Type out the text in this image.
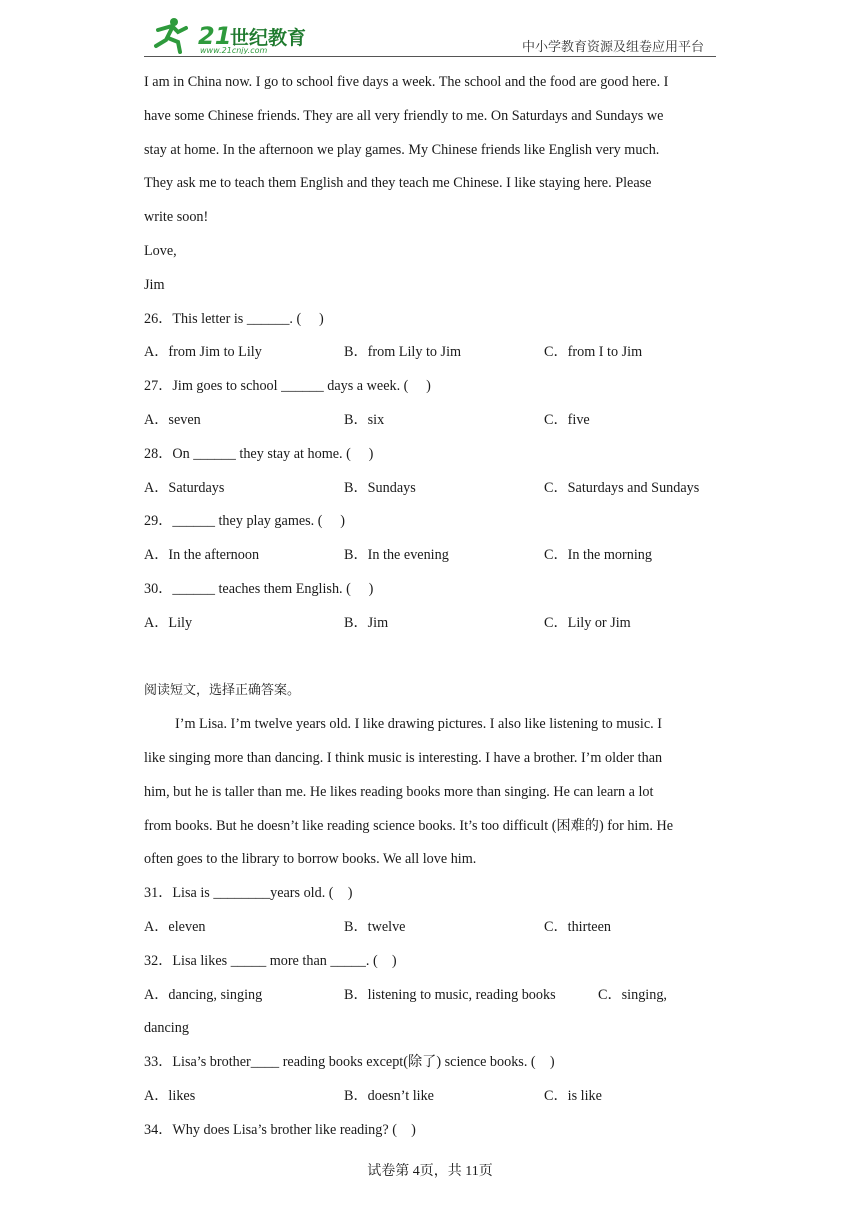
21
世纪教育
www.21cnjy.com	中小学教育资源及组卷应用平台
I am in China now. I go to school five days a week. The school and the food are good here. I
have some Chinese friends. They are all very friendly to me. On Saturdays and Sundays we
stay at home. In the afternoon we play games. My Chinese friends like English very much.
They ask me to teach them English and they teach me Chinese. I like staying here. Please
write soon!
Love,
Jim
26．This letter is ______. (　 )
A．from Jim to Lily	B．from Lily to Jim	C．from I to Jim
27．Jim goes to school ______ days a week. (　 )
A．seven	B．six	C．five
28．On ______ they stay at home. (　 )
A．Saturdays	B．Sundays	C．Saturdays and Sundays
29．______ they play games. (　 )
A．In the afternoon	B．In the evening	C．In the morning
30．______ teaches them English. (　 )
A．Lily	B．Jim	C．Lily or Jim
阅读短文，选择正确答案。
I’m Lisa. I’m twelve years old. I like drawing pictures. I also like listening to music. I
like singing more than dancing. I think music is interesting. I have a brother. I’m older than
him, but he is taller than me. He likes reading books more than singing. He can learn a lot
from books. But he doesn’t like reading science books. It’s too difficult (困难的) for him. He
often goes to the library to borrow books. We all love him.
31．Lisa is ________years old. (　)
A．eleven	B．twelve	C．thirteen
32．Lisa likes _____ more than _____. (　)
A．dancing, singing	B．listening to music, reading books	C．singing,
dancing
33．Lisa’s brother____ reading books except(除了) science books. (　)
A．likes	B．doesn’t like	C．is like
34．Why does Lisa’s brother like reading? (　)
试卷第 4页，共 11页
